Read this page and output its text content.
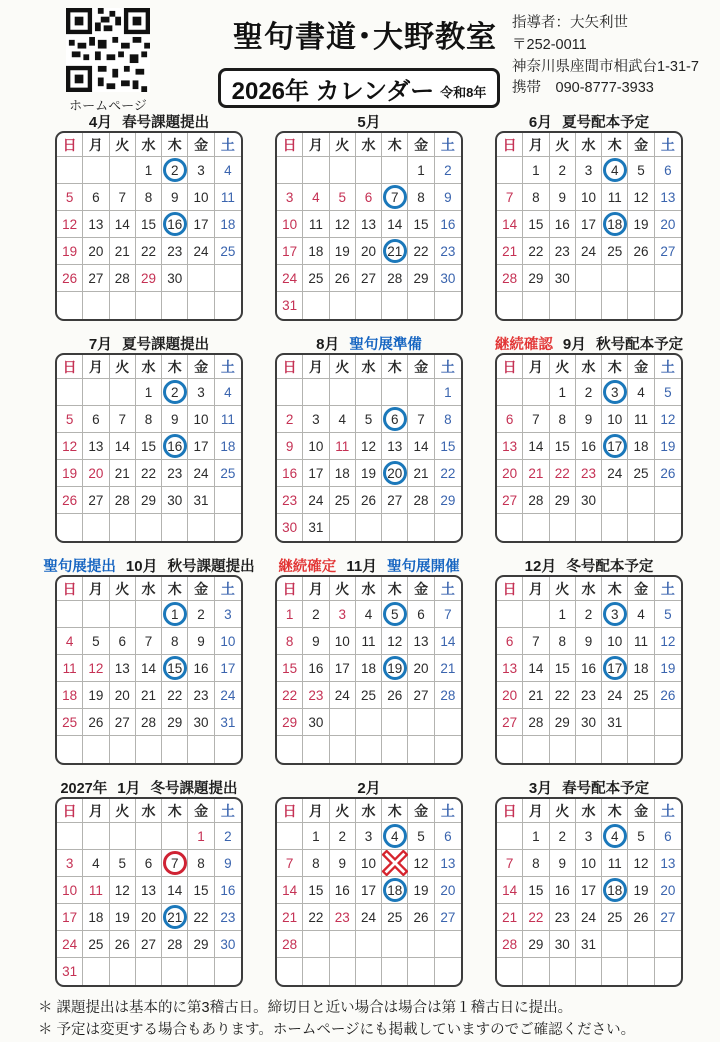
ホームページ
聖句書道･大野教室
2026年 カレンダー 令和8年
指導者：大矢利世
〒252-0011
神奈川県座間市相武台1-31-7
携帯　090-8777-3933
4月 春号課題提出
日 月 火 水 木 金 土
1 2 3 4
5 6 7 8 9 10 11
12 13 14 15 16 17 18
19 20 21 22 23 24 25
26 27 28 29 30
5月
日 月 火 水 木 金 土
1 2
3 4 5 6 7 8 9
10 11 12 13 14 15 16
17 18 19 20 21 22 23
24 25 26 27 28 29 30
31
6月 夏号配本予定
日 月 火 水 木 金 土
1 2 3 4 5 6
7 8 9 10 11 12 13
14 15 16 17 18 19 20
21 22 23 24 25 26 27
28 29 30
7月 夏号課題提出
日 月 火 水 木 金 土
1 2 3 4
5 6 7 8 9 10 11
12 13 14 15 16 17 18
19 20 21 22 23 24 25
26 27 28 29 30 31
8月 聖句展準備
日 月 火 水 木 金 土
1
2 3 4 5 6 7 8
9 10 11 12 13 14 15
16 17 18 19 20 21 22
23 24 25 26 27 28 29
30 31
継続確認 9月 秋号配本予定
日 月 火 水 木 金 土
1 2 3 4 5
6 7 8 9 10 11 12
13 14 15 16 17 18 19
20 21 22 23 24 25 26
27 28 29 30
聖句展提出 10月 秋号課題提出
日 月 火 水 木 金 土
1 2 3
4 5 6 7 8 9 10
11 12 13 14 15 16 17
18 19 20 21 22 23 24
25 26 27 28 29 30 31
継続確定 11月 聖句展開催
日 月 火 水 木 金 土
1 2 3 4 5 6 7
8 9 10 11 12 13 14
15 16 17 18 19 20 21
22 23 24 25 26 27 28
29 30
12月 冬号配本予定
日 月 火 水 木 金 土
1 2 3 4 5
6 7 8 9 10 11 12
13 14 15 16 17 18 19
20 21 22 23 24 25 26
27 28 29 30 31
2027年 1月 冬号課題提出
日 月 火 水 木 金 土
1 2
3 4 5 6 7 8 9
10 11 12 13 14 15 16
17 18 19 20 21 22 23
24 25 26 27 28 29 30
31
2月
日 月 火 水 木 金 土
1 2 3 4 5 6
7 8 9 10 11 12 13
14 15 16 17 18 19 20
21 22 23 24 25 26 27
28
3月 春号配本予定
日 月 火 水 木 金 土
1 2 3 4 5 6
7 8 9 10 11 12 13
14 15 16 17 18 19 20
21 22 23 24 25 26 27
28 29 30 31
＊ 課題提出は基本的に第3稽古日。締切日と近い場合は場合は第１稽古日に提出。
＊ 予定は変更する場合もあります。ホームページにも掲載していますのでご確認ください。
